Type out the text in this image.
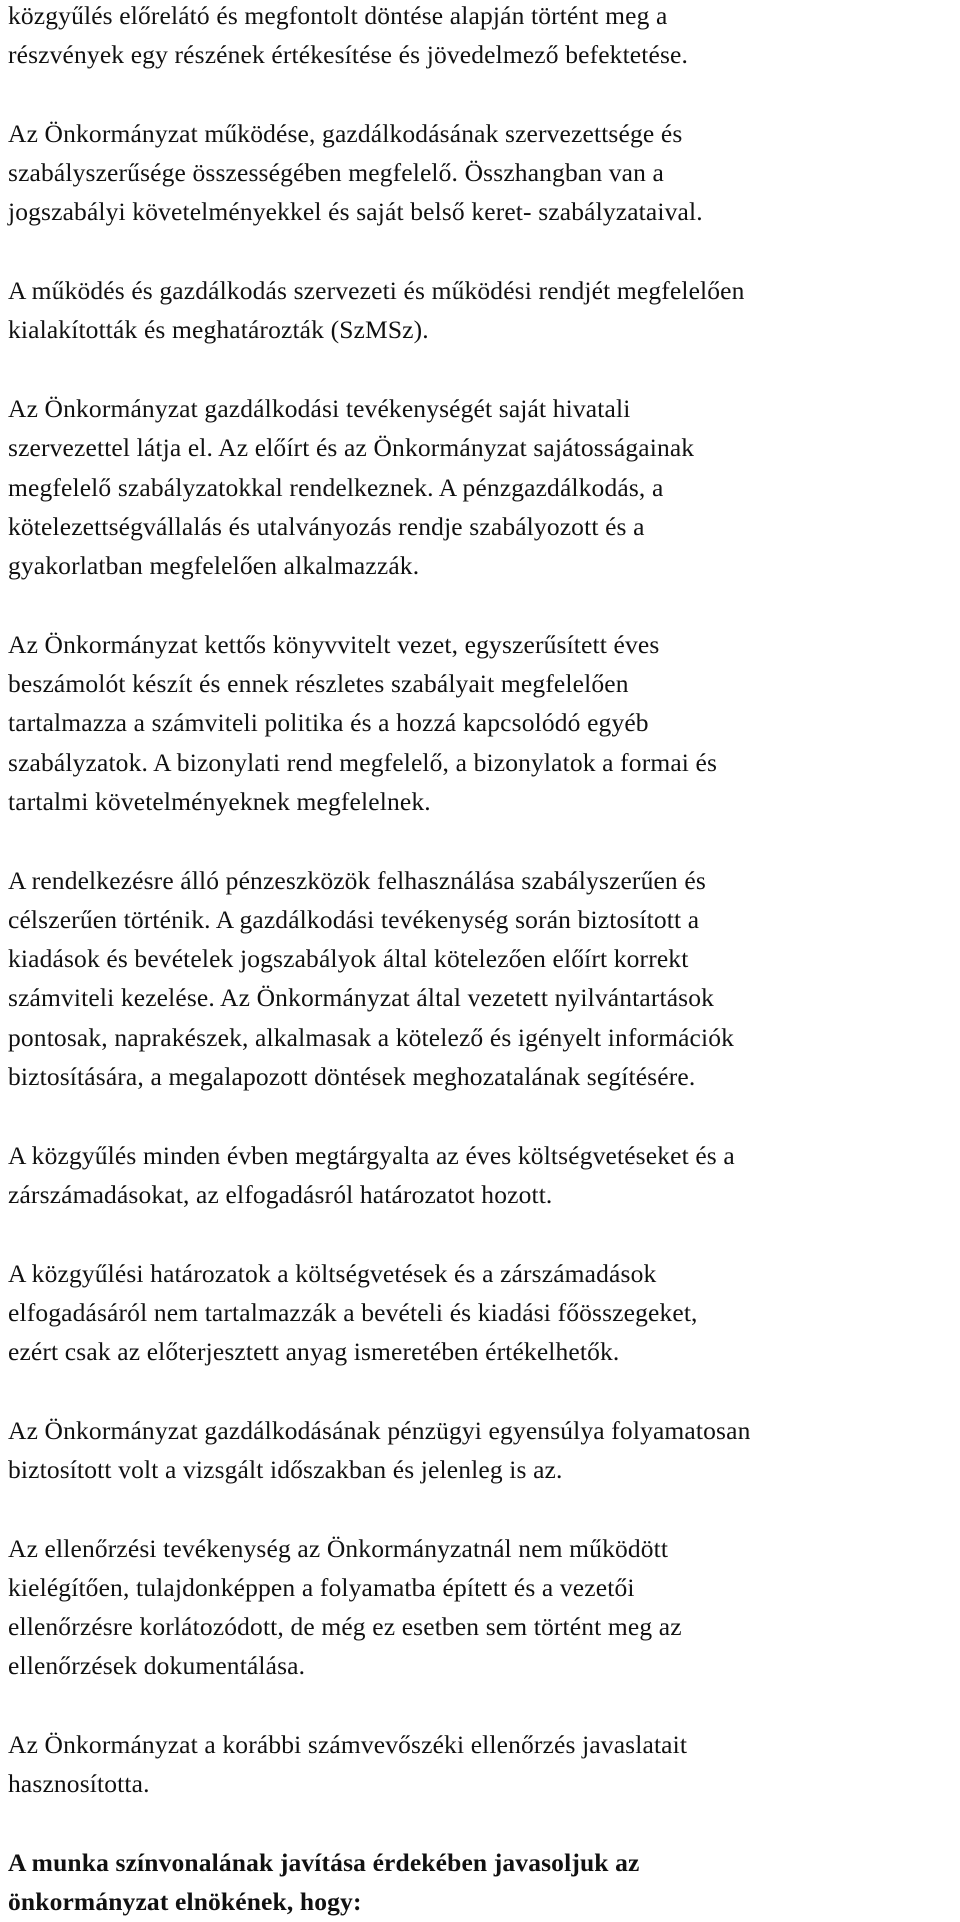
közgyűlés előrelátó és megfontolt döntése alapján történt meg a
részvények egy részének értékesítése és jövedelmező befektetése.
Az Önkormányzat működése, gazdálkodásának szervezettsége és
szabályszerűsége összességében megfelelő. Összhangban van a
jogszabályi követelményekkel és saját belső keret- szabályzataival.
A működés és gazdálkodás szervezeti és működési rendjét megfelelően
kialakították és meghatározták (SzMSz).
Az Önkormányzat gazdálkodási tevékenységét saját hivatali
szervezettel látja el. Az előírt és az Önkormányzat sajátosságainak
megfelelő szabályzatokkal rendelkeznek. A pénzgazdálkodás, a
kötelezettségvállalás és utalványozás rendje szabályozott és a
gyakorlatban megfelelően alkalmazzák.
Az Önkormányzat kettős könyvvitelt vezet, egyszerűsített éves
beszámolót készít és ennek részletes szabályait megfelelően
tartalmazza a számviteli politika és a hozzá kapcsolódó egyéb
szabályzatok. A bizonylati rend megfelelő, a bizonylatok a formai és
tartalmi követelményeknek megfelelnek.
A rendelkezésre álló pénzeszközök felhasználása szabályszerűen és
célszerűen történik. A gazdálkodási tevékenység során biztosított a
kiadások és bevételek jogszabályok által kötelezően előírt korrekt
számviteli kezelése. Az Önkormányzat által vezetett nyilvántartások
pontosak, naprakészek, alkalmasak a kötelező és igényelt információk
biztosítására, a megalapozott döntések meghozatalának segítésére.
A közgyűlés minden évben megtárgyalta az éves költségvetéseket és a
zárszámadásokat, az elfogadásról határozatot hozott.
A közgyűlési határozatok a költségvetések és a zárszámadások
elfogadásáról nem tartalmazzák a bevételi és kiadási főösszegeket,
ezért csak az előterjesztett anyag ismeretében értékelhetők.
Az Önkormányzat gazdálkodásának pénzügyi egyensúlya folyamatosan
biztosított volt a vizsgált időszakban és jelenleg is az.
Az ellenőrzési tevékenység az Önkormányzatnál nem működött
kielégítően, tulajdonképpen a folyamatba épített és a vezetői
ellenőrzésre korlátozódott, de még ez esetben sem történt meg az
ellenőrzések dokumentálása.
Az Önkormányzat a korábbi számvevőszéki ellenőrzés javaslatait
hasznosította.
A munka színvonalának javítása érdekében javasoljuk az
önkormányzat elnökének, hogy:
